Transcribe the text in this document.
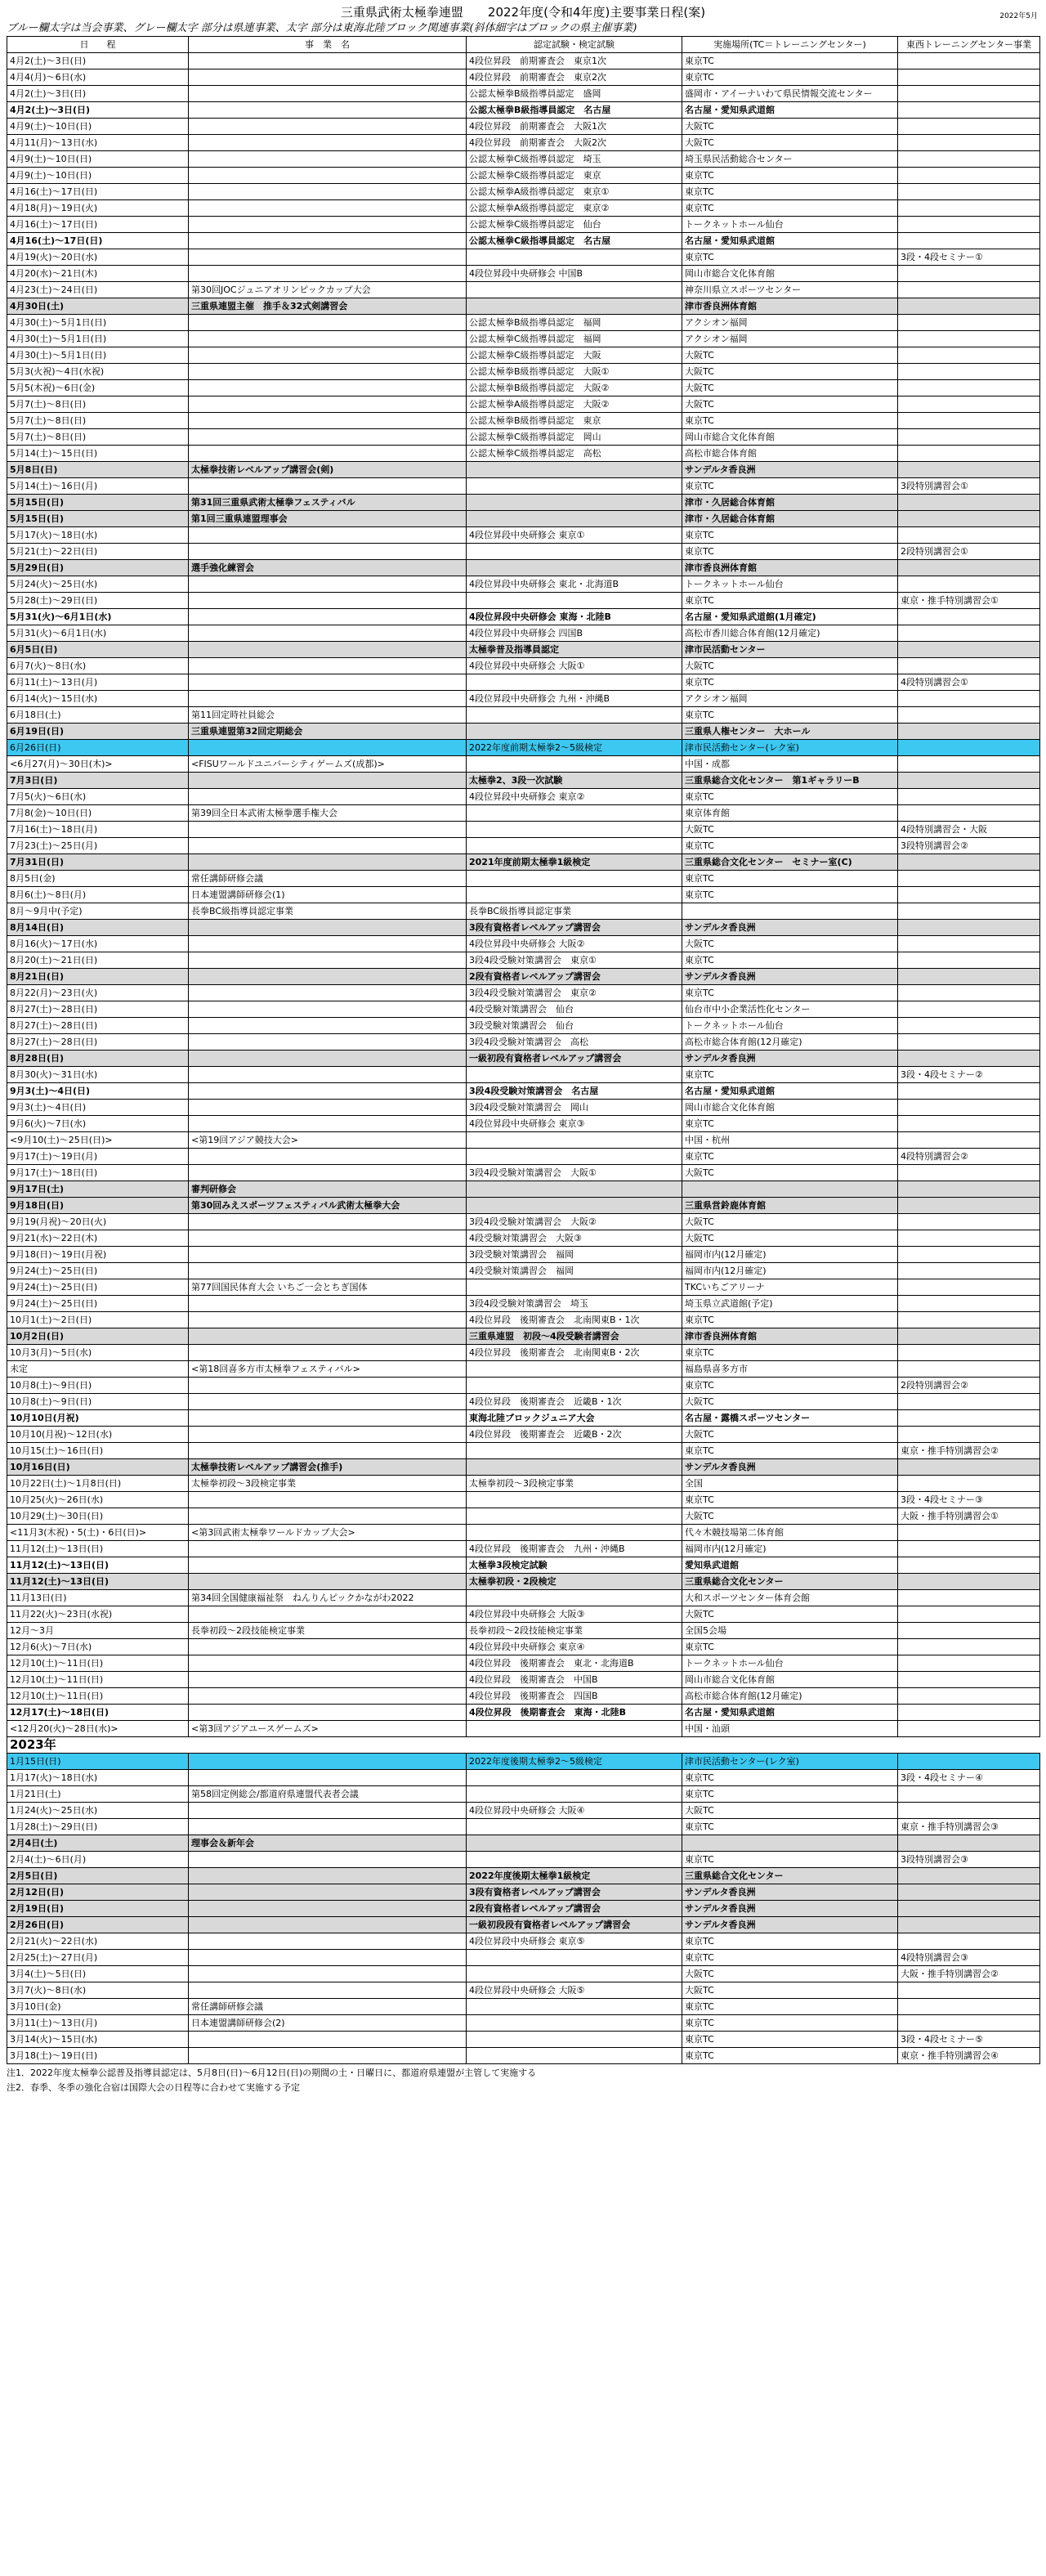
三重県武術太極拳連盟　　2022年度(令和4年度)主要事業日程(案)	2022年5月
ブルー欄太字は当会事業、グレー欄太字 部分は県連事業、太字 部分は東海北陸ブロック関連事業(斜体細字はブロックの県主催事業)
日　　程	事　業　名	認定試験・検定試験	実施場所(TC＝トレーニングセンター)	東西トレーニングセンター事業
4月2(土)～3日(日)		4段位昇段　前期審査会　東京1次	東京TC	
4月4(月)～6日(水)		4段位昇段　前期審査会　東京2次	東京TC	
4月2(土)～3日(日)		公認太極拳B級指導員認定　盛岡	盛岡市・アイーナいわて県民情報交流センター	
4月2(土)～3日(日)		公認太極拳B級指導員認定　名古屋	名古屋・愛知県武道館	
4月9(土)～10日(日)		4段位昇段　前期審査会　大阪1次	大阪TC	
4月11(月)～13日(水)		4段位昇段　前期審査会　大阪2次	大阪TC	
4月9(土)～10日(日)		公認太極拳C級指導員認定　埼玉	埼玉県民活動総合センター	
4月9(土)～10日(日)		公認太極拳C級指導員認定　東京	東京TC	
4月16(土)～17日(日)		公認太極拳A級指導員認定　東京①	東京TC	
4月18(月)～19日(火)		公認太極拳A級指導員認定　東京②	東京TC	
4月16(土)～17日(日)		公認太極拳C級指導員認定　仙台	トークネットホール仙台	
4月16(土)～17日(日)		公認太極拳C級指導員認定　名古屋	名古屋・愛知県武道館	
4月19(火)～20日(水)			東京TC	3段・4段セミナー①
4月20(水)～21日(木)		4段位昇段中央研修会 中国B	岡山市総合文化体育館	
4月23(土)～24日(日)	第30回JOCジュニアオリンピックカップ大会		神奈川県立スポーツセンター	
4月30日(土)	三重県連盟主催　推手＆32式剣講習会		津市香良洲体育館	
4月30(土)～5月1日(日)		公認太極拳B級指導員認定　福岡	アクシオン福岡	
4月30(土)～5月1日(日)		公認太極拳C級指導員認定　福岡	アクシオン福岡	
4月30(土)～5月1日(日)		公認太極拳C級指導員認定　大阪	大阪TC	
5月3(火祝)～4日(水祝)		公認太極拳B級指導員認定　大阪①	大阪TC	
5月5(木祝)～6日(金)		公認太極拳B級指導員認定　大阪②	大阪TC	
5月7(土)～8日(日)		公認太極拳A級指導員認定　大阪②	大阪TC	
5月7(土)～8日(日)		公認太極拳B級指導員認定　東京	東京TC	
5月7(土)～8日(日)		公認太極拳C級指導員認定　岡山	岡山市総合文化体育館	
5月14(土)～15日(日)		公認太極拳C級指導員認定　高松	高松市総合体育館	
5月8日(日)	太極拳技術レベルアップ講習会(剣)		サンデルタ香良洲	
5月14(土)～16日(月)			東京TC	3段特別講習会①
5月15日(日)	第31回三重県武術太極拳フェスティバル		津市・久居総合体育館	
5月15日(日)	第1回三重県連盟理事会		津市・久居総合体育館	
5月17(火)～18日(水)		4段位昇段中央研修会 東京①	東京TC	
5月21(土)～22日(日)			東京TC	2段特別講習会①
5月29日(日)	選手強化練習会		津市香良洲体育館	
5月24(火)～25日(水)		4段位昇段中央研修会 東北・北海道B	トークネットホール仙台	
5月28(土)～29日(日)			東京TC	東京・推手特別講習会①
5月31(火)～6月1日(水)		4段位昇段中央研修会 東海・北陸B	名古屋・愛知県武道館(1月確定)	
5月31(火)～6月1日(水)		4段位昇段中央研修会 四国B	高松市香川総合体育館(12月確定)	
6月5日(日)		太極拳普及指導員認定	津市民活動センター	
6月7(火)～8日(水)		4段位昇段中央研修会 大阪①	大阪TC	
6月11(土)～13日(月)			東京TC	4段特別講習会①
6月14(火)～15日(水)		4段位昇段中央研修会 九州・沖縄B	アクシオン福岡	
6月18日(土)	第11回定時社員総会		東京TC	
6月19日(日)	三重県連盟第32回定期総会		三重県人権センター　大ホール	
6月26日(日)		2022年度前期太極拳2～5級検定	津市民活動センター(レク室)	
<6月27(月)～30日(木)>	<FISUワールドユニバーシティゲームズ(成都)>		中国・成都	
7月3日(日)		太極拳2、3段一次試験	三重県総合文化センター　第1ギャラリーB	
7月5(火)～6日(水)		4段位昇段中央研修会 東京②	東京TC	
7月8(金)～10日(日)	第39回全日本武術太極拳選手権大会		東京体育館	
7月16(土)～18日(月)			大阪TC	4段特別講習会・大阪
7月23(土)～25日(月)			東京TC	3段特別講習会②
7月31日(日)		2021年度前期太極拳1級検定	三重県総合文化センター　セミナー室(C)	
8月5日(金)	常任講師研修会議		東京TC	
8月6(土)～8日(月)	日本連盟講師研修会(1)		東京TC	
8月～9月中(予定)	長拳BC級指導員認定事業	長拳BC級指導員認定事業		
8月14日(日)		3段有資格者レベルアップ講習会	サンデルタ香良洲	
8月16(火)～17日(水)		4段位昇段中央研修会 大阪②	大阪TC	
8月20(土)～21日(日)		3段4段受験対策講習会　東京①	東京TC	
8月21日(日)		2段有資格者レベルアップ講習会	サンデルタ香良洲	
8月22(月)～23日(火)		3段4段受験対策講習会　東京②	東京TC	
8月27(土)～28日(日)		4段受験対策講習会　仙台	仙台市中小企業活性化センター	
8月27(土)～28日(日)		3段受験対策講習会　仙台	トークネットホール仙台	
8月27(土)～28日(日)		3段4段受験対策講習会　高松	高松市総合体育館(12月確定)	
8月28日(日)		一級初段有資格者レベルアップ講習会	サンデルタ香良洲	
8月30(火)～31日(水)			東京TC	3段・4段セミナー②
9月3(土)～4日(日)		3段4段受験対策講習会　名古屋	名古屋・愛知県武道館	
9月3(土)～4日(日)		3段4段受験対策講習会　岡山	岡山市総合文化体育館	
9月6(火)～7日(水)		4段位昇段中央研修会 東京③	東京TC	
<9月10(土)～25日(日)>	<第19回アジア競技大会>		中国・杭州	
9月17(土)～19日(月)			東京TC	4段特別講習会②
9月17(土)～18日(日)		3段4段受験対策講習会　大阪①	大阪TC	
9月17日(土)	審判研修会			
9月18日(日)	第30回みえスポーツフェスティバル武術太極拳大会		三重県営鈴鹿体育館	
9月19(月祝)～20日(火)		3段4段受験対策講習会　大阪②	大阪TC	
9月21(水)～22日(木)		4段受験対策講習会　大阪③	大阪TC	
9月18(日)～19日(月祝)		3段受験対策講習会　福岡	福岡市内(12月確定)	
9月24(土)～25日(日)		4段受験対策講習会　福岡	福岡市内(12月確定)	
9月24(土)～25日(日)	第77回国民体育大会 いちご一会とちぎ国体		TKCいちごアリーナ	
9月24(土)～25日(日)		3段4段受験対策講習会　埼玉	埼玉県立武道館(予定)	
10月1(土)～2日(日)		4段位昇段　後期審査会　北南関東B・1次	東京TC	
10月2日(日)		三重県連盟　初段～4段受験者講習会	津市香良洲体育館	
10月3(月)～5日(水)		4段位昇段　後期審査会　北南関東B・2次	東京TC	
未定	<第18回喜多方市太極拳フェスティバル>		福島県喜多方市	
10月8(土)～9日(日)			東京TC	2段特別講習会②
10月8(土)～9日(日)		4段位昇段　後期審査会　近畿B・1次	大阪TC	
10月10日(月祝)		東海北陸ブロックジュニア大会	名古屋・露橋スポーツセンター	
10月10(月祝)～12日(水)		4段位昇段　後期審査会　近畿B・2次	大阪TC	
10月15(土)～16日(日)			東京TC	東京・推手特別講習会②
10月16日(日)	太極拳技術レベルアップ講習会(推手)		サンデルタ香良洲	
10月22日(土)～1月8日(日)	太極拳初段～3段検定事業	太極拳初段～3段検定事業	全国	
10月25(火)～26日(水)			東京TC	3段・4段セミナー③
10月29(土)～30日(日)			大阪TC	大阪・推手特別講習会①
<11月3(木祝)・5(土)・6日(日)>	<第3回武術太極拳ワールドカップ大会>		代々木競技場第二体育館	
11月12(土)～13日(日)		4段位昇段　後期審査会　九州・沖縄B	福岡市内(12月確定)	
11月12(土)～13日(日)		太極拳3段検定試験	愛知県武道館	
11月12(土)～13日(日)		太極拳初段・2段検定	三重県総合文化センター	
11月13日(日)	第34回全国健康福祉祭　ねんりんピックかながわ2022		大和スポーツセンター体育会館	
11月22(火)～23日(水祝)		4段位昇段中央研修会 大阪③	大阪TC	
12月～3月	長拳初段～2段技能検定事業	長拳初段～2段技能検定事業	全国5会場	
12月6(火)～7日(水)		4段位昇段中央研修会 東京④	東京TC	
12月10(土)～11日(日)		4段位昇段　後期審査会　東北・北海道B	トークネットホール仙台	
12月10(土)～11日(日)		4段位昇段　後期審査会　中国B	岡山市総合文化体育館	
12月10(土)～11日(日)		4段位昇段　後期審査会　四国B	高松市総合体育館(12月確定)	
12月17(土)～18日(日)		4段位昇段　後期審査会　東海・北陸B	名古屋・愛知県武道館	
<12月20(火)～28日(水)>	<第3回アジアユースゲームズ>		中国・汕頭	
2023年				
1月15日(日)		2022年度後期太極拳2～5級検定	津市民活動センター(レク室)	
1月17(火)～18日(水)			東京TC	3段・4段セミナー④
1月21日(土)	第58回定例総会/都道府県連盟代表者会議		東京TC	
1月24(火)～25日(水)		4段位昇段中央研修会 大阪④	大阪TC	
1月28(土)～29日(日)			東京TC	東京・推手特別講習会③
2月4日(土)	理事会＆新年会			
2月4(土)～6日(月)			東京TC	3段特別講習会③
2月5日(日)		2022年度後期太極拳1級検定	三重県総合文化センター	
2月12日(日)		3段有資格者レベルアップ講習会	サンデルタ香良洲	
2月19日(日)		2段有資格者レベルアップ講習会	サンデルタ香良洲	
2月26日(日)		一級初段段有資格者レベルアップ講習会	サンデルタ香良洲	
2月21(火)～22日(水)		4段位昇段中央研修会 東京⑤	東京TC	
2月25(土)～27日(月)			東京TC	4段特別講習会③
3月4(土)～5日(日)			大阪TC	大阪・推手特別講習会②
3月7(火)～8日(水)		4段位昇段中央研修会 大阪⑤	大阪TC	
3月10日(金)	常任講師研修会議		東京TC	
3月11(土)～13日(月)	日本連盟講師研修会(2)		東京TC	
3月14(火)～15日(水)			東京TC	3段・4段セミナー⑤
3月18(土)～19日(日)			東京TC	東京・推手特別講習会④
注1．2022年度太極拳公認普及指導員認定は、5月8日(日)～6月12日(日)の期間の土・日曜日に、都道府県連盟が主管して実施する
注2．春季、冬季の強化合宿は国際大会の日程等に合わせて実施する予定
